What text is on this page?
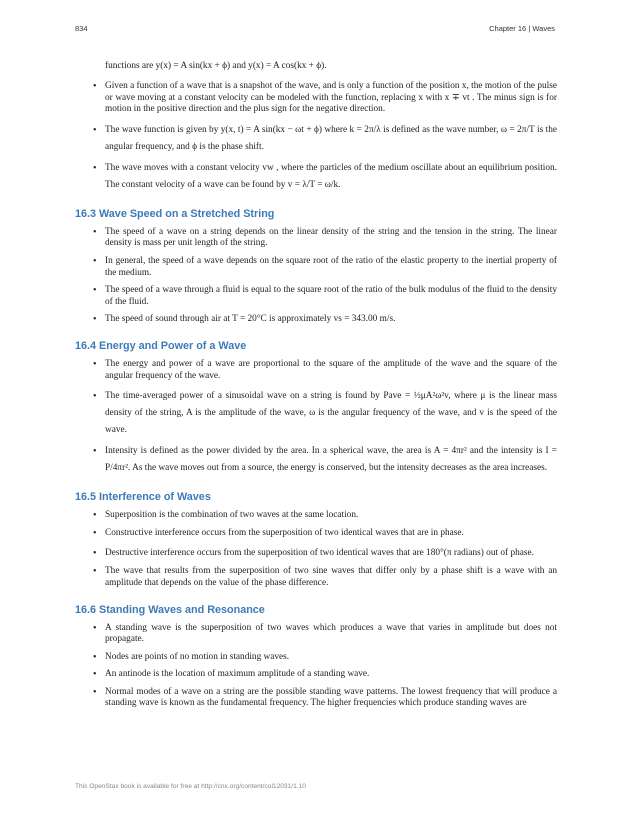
834	Chapter 16 | Waves
functions are y(x) = A sin(kx + ϕ) and y(x) = A cos(kx + ϕ).
• Given a function of a wave that is a snapshot of the wave, and is only a function of the position x, the motion of the pulse or wave moving at a constant velocity can be modeled with the function, replacing x with x ∓ vt . The minus sign is for motion in the positive direction and the plus sign for the negative direction.
• The wave function is given by y(x, t) = A sin(kx − ωt + ϕ) where k = 2π/λ is defined as the wave number, ω = 2π/T is the angular frequency, and ϕ is the phase shift.
• The wave moves with a constant velocity vw , where the particles of the medium oscillate about an equilibrium position. The constant velocity of a wave can be found by v = λ/T = ω/k.
16.3 Wave Speed on a Stretched String
• The speed of a wave on a string depends on the linear density of the string and the tension in the string. The linear density is mass per unit length of the string.
• In general, the speed of a wave depends on the square root of the ratio of the elastic property to the inertial property of the medium.
• The speed of a wave through a fluid is equal to the square root of the ratio of the bulk modulus of the fluid to the density of the fluid.
• The speed of sound through air at T = 20°C is approximately vs = 343.00 m/s.
16.4 Energy and Power of a Wave
• The energy and power of a wave are proportional to the square of the amplitude of the wave and the square of the angular frequency of the wave.
• The time-averaged power of a sinusoidal wave on a string is found by Pave = ½μA²ω²v, where μ is the linear mass density of the string, A is the amplitude of the wave, ω is the angular frequency of the wave, and v is the speed of the wave.
• Intensity is defined as the power divided by the area. In a spherical wave, the area is A = 4πr² and the intensity is I = P/4πr². As the wave moves out from a source, the energy is conserved, but the intensity decreases as the area increases.
16.5 Interference of Waves
• Superposition is the combination of two waves at the same location.
• Constructive interference occurs from the superposition of two identical waves that are in phase.
• Destructive interference occurs from the superposition of two identical waves that are 180°(π radians) out of phase.
• The wave that results from the superposition of two sine waves that differ only by a phase shift is a wave with an amplitude that depends on the value of the phase difference.
16.6 Standing Waves and Resonance
• A standing wave is the superposition of two waves which produces a wave that varies in amplitude but does not propagate.
• Nodes are points of no motion in standing waves.
• An antinode is the location of maximum amplitude of a standing wave.
• Normal modes of a wave on a string are the possible standing wave patterns. The lowest frequency that will produce a standing wave is known as the fundamental frequency. The higher frequencies which produce standing waves are
This OpenStax book is available for free at http://cnx.org/content/col12031/1.10
